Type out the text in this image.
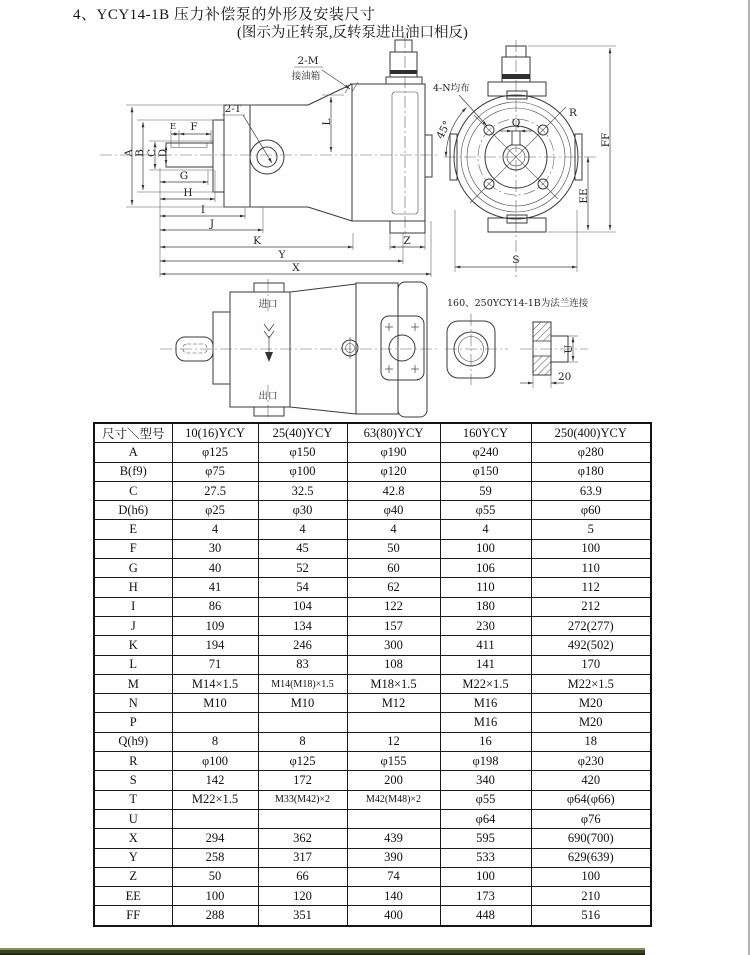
4、YCY14-1B 压力补偿泵的外形及安装尺寸
(图示为正转泵,反转泵进出油口相反)
2-T
2-M
接油箱
L
A B C D
E F
G
H
I
J
K
Y
X
Z
45°
4-N均布
R
Q
FF
EE
S
进口
出口
160、250YCY14-1B为法兰连接
U
20
尺寸＼型号	10(16)YCY	25(40)YCY	63(80)YCY	160YCY	250(400)YCY
A	φ125	φ150	φ190	φ240	φ280
B(f9)	φ75	φ100	φ120	φ150	φ180
C	27.5	32.5	42.8	59	63.9
D(h6)	φ25	φ30	φ40	φ55	φ60
E	4	4	4	4	5
F	30	45	50	100	100
G	40	52	60	106	110
H	41	54	62	110	112
I	86	104	122	180	212
J	109	134	157	230	272(277)
K	194	246	300	411	492(502)
L	71	83	108	141	170
M	M14×1.5	M14(M18)×1.5	M18×1.5	M22×1.5	M22×1.5
N	M10	M10	M12	M16	M20
P				M16	M20
Q(h9)	8	8	12	16	18
R	φ100	φ125	φ155	φ198	φ230
S	142	172	200	340	420
T	M22×1.5	M33(M42)×2	M42(M48)×2	φ55	φ64(φ66)
U				φ64	φ76
X	294	362	439	595	690(700)
Y	258	317	390	533	629(639)
Z	50	66	74	100	100
EE	100	120	140	173	210
FF	288	351	400	448	516
